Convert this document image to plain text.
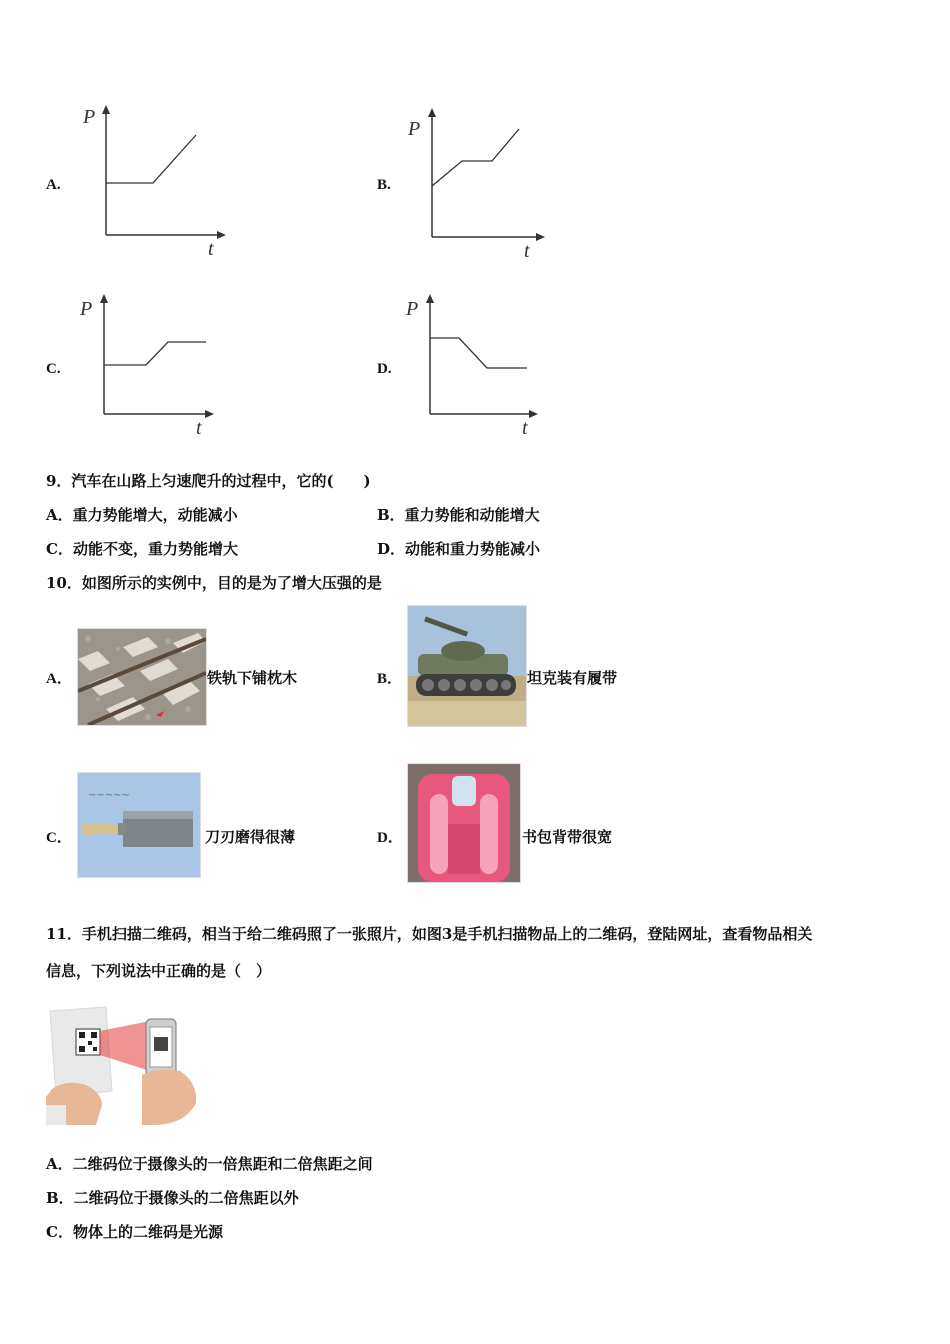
A.
P
t
B.
P
t
C.
P
t
D.
P
t
9．汽车在山路上匀速爬升的过程中，它的(　　)
A．重力势能增大，动能减小	B．重力势能和动能增大
C．动能不变，重力势能增大	D．动能和重力势能减小
10．如图所示的实例中，目的是为了增大压强的是
A．	铁轨下铺枕木	B．	坦克装有履带
C．
~~~~~
刀刃磨得很薄	D．	书包背带很宽
11．手机扫描二维码，相当于给二维码照了一张照片，如图3是手机扫描物品上的二维码，登陆网址，查看物品相关
信息，下列说法中正确的是（　）
A．二维码位于摄像头的一倍焦距和二倍焦距之间
B．二维码位于摄像头的二倍焦距以外
C．物体上的二维码是光源
